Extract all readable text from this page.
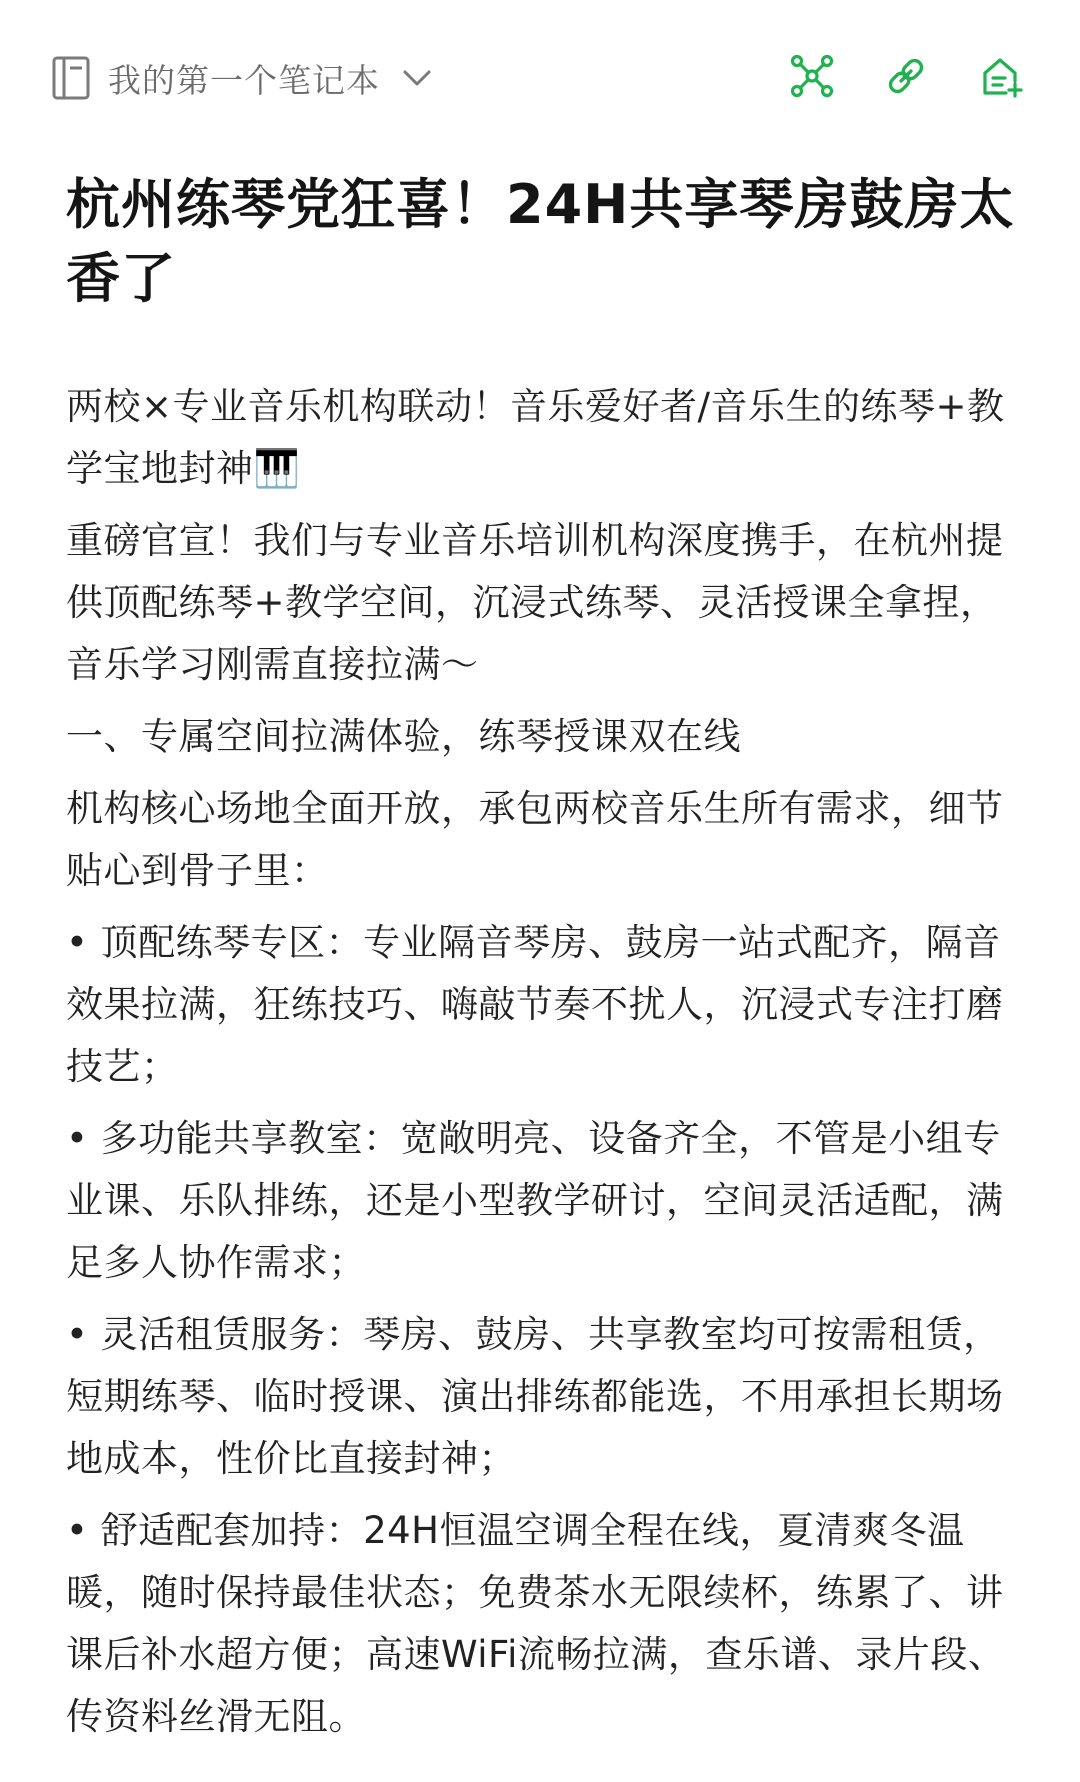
我的第一个笔记本
杭州练琴党狂喜！24H共享琴房鼓房太香了

两校×专业音乐机构联动！音乐爱好者/音乐生的练琴+教学宝地封神🎹

重磅官宣！我们与专业音乐培训机构深度携手，在杭州提供顶配练琴+教学空间，沉浸式练琴、灵活授课全拿捏，音乐学习刚需直接拉满～

一、专属空间拉满体验，练琴授课双在线

机构核心场地全面开放，承包两校音乐生所有需求，细节贴心到骨子里：

• 顶配练琴专区：专业隔音琴房、鼓房一站式配齐，隔音效果拉满，狂练技巧、嗨敲节奏不扰人，沉浸式专注打磨技艺；

• 多功能共享教室：宽敞明亮、设备齐全，不管是小组专业课、乐队排练，还是小型教学研讨，空间灵活适配，满足多人协作需求；

• 灵活租赁服务：琴房、鼓房、共享教室均可按需租赁，短期练琴、临时授课、演出排练都能选，不用承担长期场地成本，性价比直接封神；

• 舒适配套加持：24H恒温空调全程在线，夏清爽冬温暖，随时保持最佳状态；免费茶水无限续杯，练累了、讲课后补水超方便；高速WiFi流畅拉满，查乐谱、录片段、传资料丝滑无阻。
